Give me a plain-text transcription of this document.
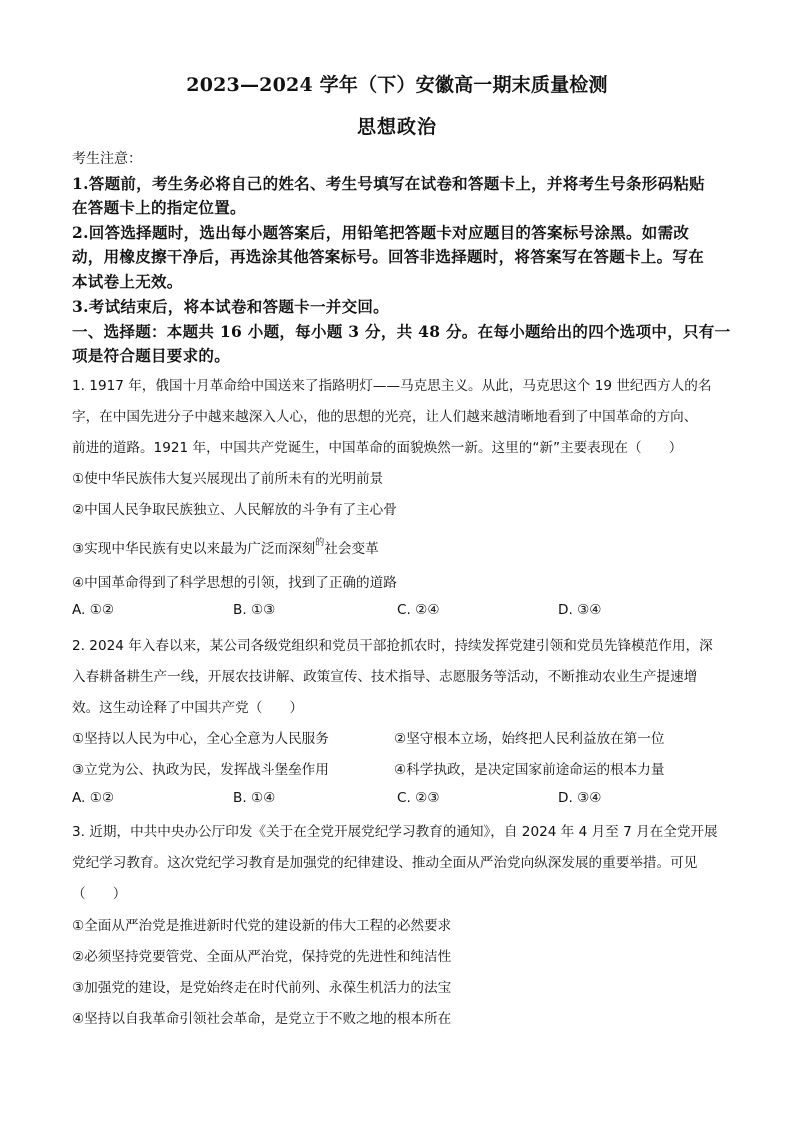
2023—2024 学年（下）安徽高一期末质量检测
思想政治
考生注意：
1.答题前，考生务必将自己的姓名、考生号填写在试卷和答题卡上，并将考生号条形码粘贴
在答题卡上的指定位置。
2.回答选择题时，选出每小题答案后，用铅笔把答题卡对应题目的答案标号涂黑。如需改
动，用橡皮擦干净后，再选涂其他答案标号。回答非选择题时，将答案写在答题卡上。写在
本试卷上无效。
3.考试结束后，将本试卷和答题卡一并交回。
一、选择题：本题共 16 小题，每小题 3 分，共 48 分。在每小题给出的四个选项中，只有一
项是符合题目要求的。
1. 1917 年，俄国十月革命给中国送来了指路明灯——马克思主义。从此，马克思这个 19 世纪西方人的名
字，在中国先进分子中越来越深入人心，他的思想的光亮，让人们越来越清晰地看到了中国革命的方向、
前进的道路。1921 年，中国共产党诞生，中国革命的面貌焕然一新。这里的“新”主要表现在（　　）
①使中华民族伟大复兴展现出了前所未有的光明前景
②中国人民争取民族独立、人民解放的斗争有了主心骨
③实现中华民族有史以来最为广泛而深刻$^的$社会变革
④中国革命得到了科学思想的引领，找到了正确的道路
A. ①②	B. ①③	C. ②④	D. ③④
2. 2024 年入春以来，某公司各级党组织和党员干部抢抓农时，持续发挥党建引领和党员先锋模范作用，深
入春耕备耕生产一线，开展农技讲解、政策宣传、技术指导、志愿服务等活动，不断推动农业生产提速增
效。这生动诠释了中国共产党（　　）
①坚持以人民为中心，全心全意为人民服务	②坚守根本立场，始终把人民利益放在第一位
③立党为公、执政为民，发挥战斗堡垒作用	④科学执政，是决定国家前途命运的根本力量
A. ①②	B. ①④	C. ②③	D. ③④
3. 近期，中共中央办公厅印发《关于在全党开展党纪学习教育的通知》，自 2024 年 4 月至 7 月在全党开展
党纪学习教育。这次党纪学习教育是加强党的纪律建设、推动全面从严治党向纵深发展的重要举措。可见
（　　）
①全面从严治党是推进新时代党的建设新的伟大工程的必然要求
②必须坚持党要管党、全面从严治党，保持党的先进性和纯洁性
③加强党的建设，是党始终走在时代前列、永葆生机活力的法宝
④坚持以自我革命引领社会革命，是党立于不败之地的根本所在
